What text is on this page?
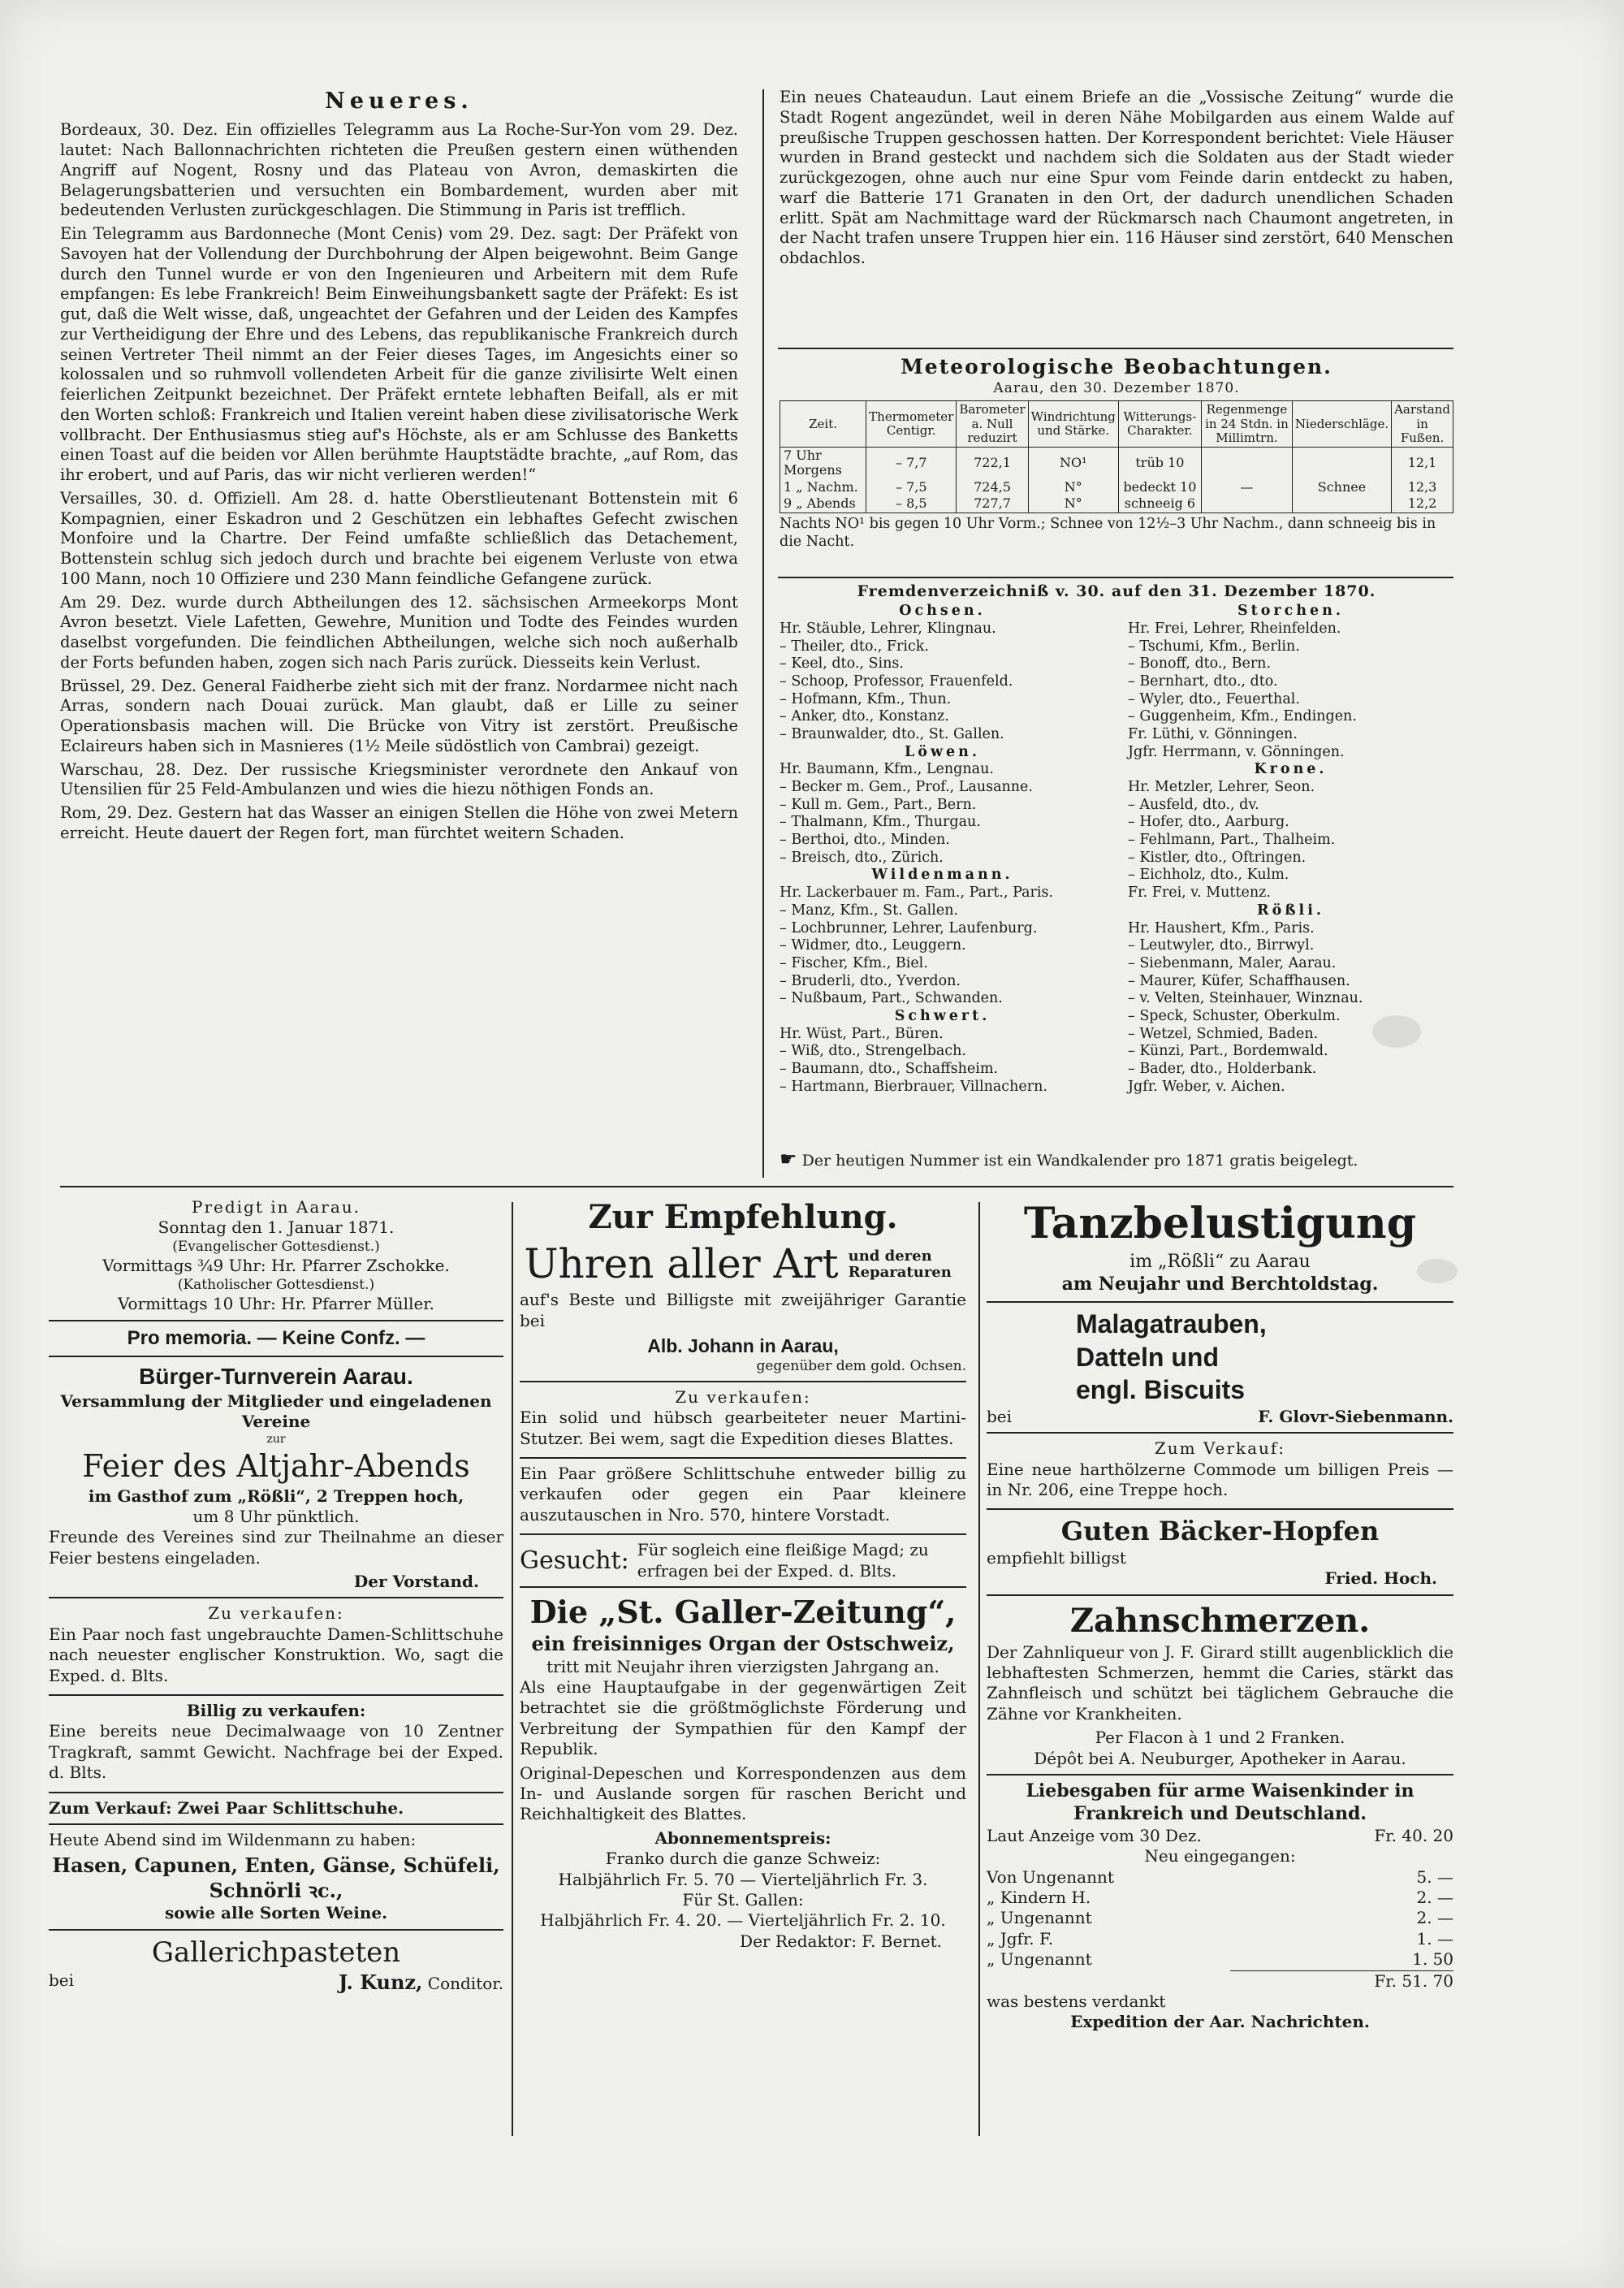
Neueres.

Bordeaux, 30. Dez. Ein offizielles Telegramm aus La Roche-Sur-Yon vom 29. Dez. lautet: Nach Ballonnachrichten richteten die Preußen gestern einen wüthenden Angriff auf Nogent, Rosny und das Plateau von Avron, demaskirten die Belagerungsbatterien und versuchten ein Bombardement, wurden aber mit bedeutenden Verlusten zurückgeschlagen. Die Stimmung in Paris ist trefflich.

Ein Telegramm aus Bardonneche (Mont Cenis) vom 29. Dez. sagt: Der Präfekt von Savoyen hat der Vollendung der Durchbohrung der Alpen beigewohnt. Beim Gange durch den Tunnel wurde er von den Ingenieuren und Arbeitern mit dem Rufe empfangen: Es lebe Frankreich! Beim Einweihungsbankett sagte der Präfekt: Es ist gut, daß die Welt wisse, daß, ungeachtet der Gefahren und der Leiden des Kampfes zur Vertheidigung der Ehre und des Lebens, das republikanische Frankreich durch seinen Vertreter Theil nimmt an der Feier dieses Tages, im Angesichts einer so kolossalen und so ruhmvoll vollendeten Arbeit für die ganze zivilisirte Welt einen feierlichen Zeitpunkt bezeichnet. Der Präfekt erntete lebhaften Beifall, als er mit den Worten schloß: Frankreich und Italien vereint haben diese zivilisatorische Werk vollbracht. Der Enthusiasmus stieg auf's Höchste, als er am Schlusse des Banketts einen Toast auf die beiden vor Allen berühmte Hauptstädte brachte, „auf Rom, das ihr erobert, und auf Paris, das wir nicht verlieren werden!“

Versailles, 30. d. Offiziell. Am 28. d. hatte Oberstlieutenant Bottenstein mit 6 Kompagnien, einer Eskadron und 2 Geschützen ein lebhaftes Gefecht zwischen Monfoire und la Chartre. Der Feind umfaßte schließlich das Detachement, Bottenstein schlug sich jedoch durch und brachte bei eigenem Verluste von etwa 100 Mann, noch 10 Offiziere und 230 Mann feindliche Gefangene zurück.

Am 29. Dez. wurde durch Abtheilungen des 12. sächsischen Armeekorps Mont Avron besetzt. Viele Lafetten, Gewehre, Munition und Todte des Feindes wurden daselbst vorgefunden. Die feindlichen Abtheilungen, welche sich noch außerhalb der Forts befunden haben, zogen sich nach Paris zurück. Diesseits kein Verlust.

Brüssel, 29. Dez. General Faidherbe zieht sich mit der franz. Nordarmee nicht nach Arras, sondern nach Douai zurück. Man glaubt, daß er Lille zu seiner Operationsbasis machen will. Die Brücke von Vitry ist zerstört. Preußische Eclaireurs haben sich in Masnieres (1½ Meile südöstlich von Cambrai) gezeigt.

Warschau, 28. Dez. Der russische Kriegsminister verordnete den Ankauf von Utensilien für 25 Feld-Ambulanzen und wies die hiezu nöthigen Fonds an.

Rom, 29. Dez. Gestern hat das Wasser an einigen Stellen die Höhe von zwei Metern erreicht. Heute dauert der Regen fort, man fürchtet weitern Schaden.

Ein neues Chateaudun. Laut einem Briefe an die „Vossische Zeitung“ wurde die Stadt Rogent angezündet, weil in deren Nähe Mobilgarden aus einem Walde auf preußische Truppen geschossen hatten. Der Korrespondent berichtet: Viele Häuser wurden in Brand gesteckt und nachdem sich die Soldaten aus der Stadt wieder zurückgezogen, ohne auch nur eine Spur vom Feinde darin entdeckt zu haben, warf die Batterie 171 Granaten in den Ort, der dadurch unendlichen Schaden erlitt. Spät am Nachmittage ward der Rückmarsch nach Chaumont angetreten, in der Nacht trafen unsere Truppen hier ein. 116 Häuser sind zerstört, 640 Menschen obdachlos.

Meteorologische Beobachtungen.
Aarau, den 30. Dezember 1870.
Zeit.	Thermometer Centigr.	Barometer a. Null reduzirt	Windrichtung und Stärke.	Witterungs-Charakter.	Regenmenge in 24 Stdn. in Millimtrn.	Niederschläge.	Aarstand in Fußen.
7 Uhr Morgens	– 7,7	722,1	NO¹	trüb 10			12,1
1 „ Nachm.	– 7,5	724,5	N°	bedeckt 10	—	Schnee	12,3
9 „ Abends	– 8,5	727,7	N°	schneeig 6			12,2
Nachts NO¹ bis gegen 10 Uhr Vorm.; Schnee von 12½–3 Uhr Nachm., dann schneeig bis in die Nacht.
Fremdenverzeichniß v. 30. auf den 31. Dezember 1870.
Ochsen.
Hr. Stäuble, Lehrer, Klingnau.
– Theiler, dto., Frick.
– Keel, dto., Sins.
– Schoop, Professor, Frauenfeld.
– Hofmann, Kfm., Thun.
– Anker, dto., Konstanz.
– Braunwalder, dto., St. Gallen.
Löwen.
Hr. Baumann, Kfm., Lengnau.
– Becker m. Gem., Prof., Lausanne.
– Kull m. Gem., Part., Bern.
– Thalmann, Kfm., Thurgau.
– Berthoi, dto., Minden.
– Breisch, dto., Zürich.
Wildenmann.
Hr. Lackerbauer m. Fam., Part., Paris.
– Manz, Kfm., St. Gallen.
– Lochbrunner, Lehrer, Laufenburg.
– Widmer, dto., Leuggern.
– Fischer, Kfm., Biel.
– Bruderli, dto., Yverdon.
– Nußbaum, Part., Schwanden.
Schwert.
Hr. Wüst, Part., Büren.
– Wiß, dto., Strengelbach.
– Baumann, dto., Schaffsheim.
– Hartmann, Bierbrauer, Villnachern.
Storchen.
Hr. Frei, Lehrer, Rheinfelden.
– Tschumi, Kfm., Berlin.
– Bonoff, dto., Bern.
– Bernhart, dto., dto.
– Wyler, dto., Feuerthal.
– Guggenheim, Kfm., Endingen.
Fr. Lüthi, v. Gönningen.
Jgfr. Herrmann, v. Gönningen.
Krone.
Hr. Metzler, Lehrer, Seon.
– Ausfeld, dto., dv.
– Hofer, dto., Aarburg.
– Fehlmann, Part., Thalheim.
– Kistler, dto., Oftringen.
– Eichholz, dto., Kulm.
Fr. Frei, v. Muttenz.
Rößli.
Hr. Haushert, Kfm., Paris.
– Leutwyler, dto., Birrwyl.
– Siebenmann, Maler, Aarau.
– Maurer, Küfer, Schaffhausen.
– v. Velten, Steinhauer, Winznau.
– Speck, Schuster, Oberkulm.
– Wetzel, Schmied, Baden.
– Künzi, Part., Bordemwald.
– Bader, dto., Holderbank.
Jgfr. Weber, v. Aichen.
☛ Der heutigen Nummer ist ein Wandkalender pro 1871 gratis beigelegt.
Predigt in Aarau.
Sonntag den 1. Januar 1871.
(Evangelischer Gottesdienst.)
Vormittags ¾9 Uhr: Hr. Pfarrer Zschokke.
(Katholischer Gottesdienst.)
Vormittags 10 Uhr: Hr. Pfarrer Müller.
Pro memoria. — Keine Confz. —
Bürger-Turnverein Aarau.
Versammlung der Mitglieder und eingeladenen Vereine
zur
Feier des Altjahr-Abends
im Gasthof zum „Rößli“, 2 Treppen hoch,
um 8 Uhr pünktlich.

Freunde des Vereines sind zur Theilnahme an dieser Feier bestens eingeladen.

Der Vorstand.
Zu verkaufen:

Ein Paar noch fast ungebrauchte Damen-Schlittschuhe nach neuester englischer Konstruktion. Wo, sagt die Exped. d. Blts.

Billig zu verkaufen:

Eine bereits neue Decimalwaage von 10 Zentner Tragkraft, sammt Gewicht. Nachfrage bei der Exped. d. Blts.

Zum Verkauf: Zwei Paar Schlittschuhe.

Heute Abend sind im Wildenmann zu haben:

Hasen, Capunen, Enten, Gänse, Schüfeli, Schnörli ꝛc.,
sowie alle Sorten Weine.
Gallerichpasteten
bei	J. Kunz, Conditor.
Zur Empfehlung.
Uhren aller Art und deren Reparaturen

auf's Beste und Billigste mit zweijähriger Garantie bei

Alb. Johann in Aarau,
gegenüber dem gold. Ochsen.
Zu verkaufen:

Ein solid und hübsch gearbeiteter neuer Martini-Stutzer. Bei wem, sagt die Expedition dieses Blattes.

Ein Paar größere Schlittschuhe entweder billig zu verkaufen oder gegen ein Paar kleinere auszutauschen in Nro. 570, hintere Vorstadt.

Gesucht: Für sogleich eine fleißige Magd; zu erfragen bei der Exped. d. Blts.
Die „St. Galler-Zeitung“,
ein freisinniges Organ der Ostschweiz,
tritt mit Neujahr ihren vierzigsten Jahrgang an.

Als eine Hauptaufgabe in der gegenwärtigen Zeit betrachtet sie die größtmöglichste Förderung und Verbreitung der Sympathien für den Kampf der Republik.

Original-Depeschen und Korrespondenzen aus dem In- und Auslande sorgen für raschen Bericht und Reichhaltigkeit des Blattes.

Abonnementspreis:
Franko durch die ganze Schweiz:
Halbjährlich Fr. 5. 70 — Vierteljährlich Fr. 3.
Für St. Gallen:
Halbjährlich Fr. 4. 20. — Vierteljährlich Fr. 2. 10.
Der Redaktor: F. Bernet.
Tanzbelustigung
im „Rößli“ zu Aarau
am Neujahr und Berchtoldstag.
Malagatrauben,
Datteln und
engl. Biscuits
bei	F. Glovr-Siebenmann.
Zum Verkauf:

Eine neue harthölzerne Commode um billigen Preis — in Nr. 206, eine Treppe hoch.

Guten Bäcker-Hopfen
empfiehlt billigst
Fried. Hoch.
Zahnschmerzen.

Der Zahnliqueur von J. F. Girard stillt augenblicklich die lebhaftesten Schmerzen, hemmt die Caries, stärkt das Zahnfleisch und schützt bei täglichem Gebrauche die Zähne vor Krankheiten.

Per Flacon à 1 und 2 Franken.
Dépôt bei A. Neuburger, Apotheker in Aarau.
Liebesgaben für arme Waisenkinder in Frankreich und Deutschland.
Laut Anzeige vom 30 Dez.	Fr. 40. 20
Neu eingegangen:
Von Ungenannt	5. —
„ Kindern H.	2. —
„ Ungenannt	2. —
„ Jgfr. F.	1. —
„ Ungenannt	1. 50
Fr. 51. 70
was bestens verdankt
Expedition der Aar. Nachrichten.
